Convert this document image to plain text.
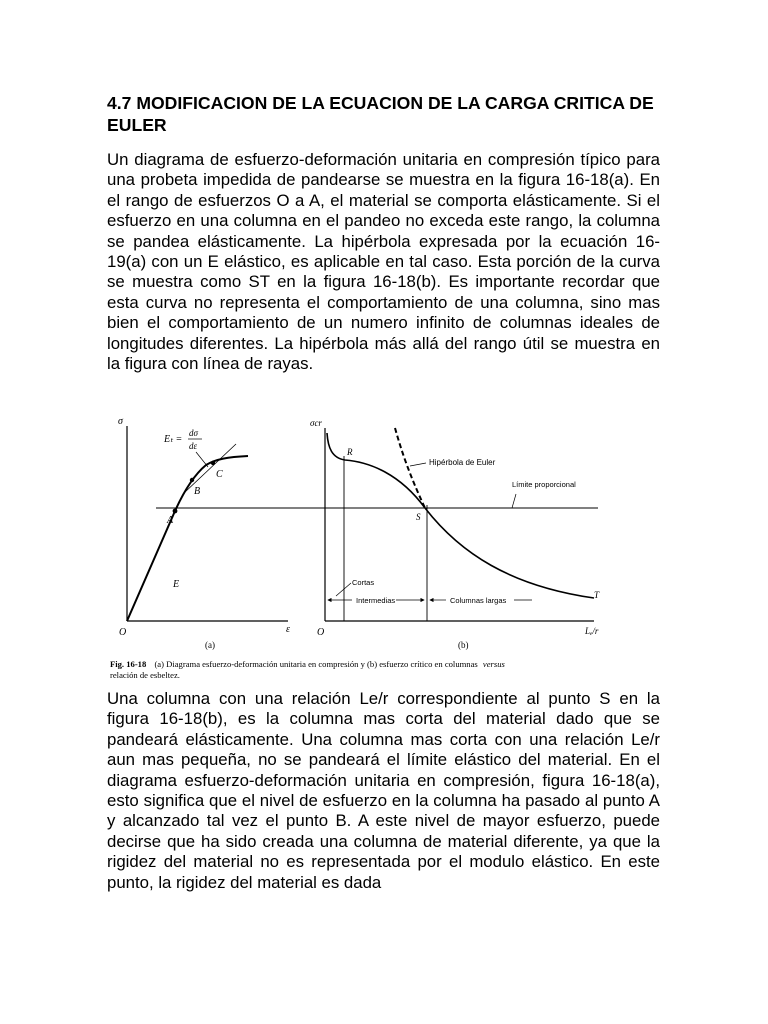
4.7 MODIFICACION DE LA ECUACION DE LA CARGA CRITICA DE EULER

Un diagrama de esfuerzo-deformación unitaria en compresión típico para una probeta impedida de pandearse se muestra en la figura 16-18(a). En el rango de esfuerzos O a A, el material se comporta elásticamente. Si el esfuerzo en una columna en el pandeo no exceda este rango, la columna se pandea elásticamente. La hipérbola expresada por la ecuación 16-19(a) con un E elástico, es aplicable en tal caso. Esta porción de la curva se muestra como ST en la figura 16-18(b). Es importante recordar que esta curva no representa el comportamiento de una columna, sino mas bien el comportamiento de un numero infinito de columnas ideales de longitudes diferentes. La hipérbola más allá del rango útil se muestra en la figura con línea de rayas.

σ
ε
O
A
B
C
E
Eₜ =
dσ
dε
(a)
σcr
Lₑ/r
O
R
S
T
Hipérbola de Euler
Límite proporcional
Cortas
Intermedias	Columnas largas
(b)
Fig. 16-18 (a) Diagrama esfuerzo-deformación unitaria en compresión y (b) esfuerzo crítico en columnas versus
relación de esbeltez.

Una columna con una relación Le/r correspondiente al punto S en la figura 16-18(b), es la columna mas corta del material dado que se pandeará elásticamente. Una columna mas corta con una relación Le/r aun mas pequeña, no se pandeará el límite elástico del material. En el diagrama esfuerzo-deformación unitaria en compresión, figura 16-18(a), esto significa que el nivel de esfuerzo en la columna ha pasado al punto A y alcanzado tal vez el punto B. A este nivel de mayor esfuerzo, puede decirse que ha sido creada una columna de material diferente, ya que la rigidez del material no es representada por el modulo elástico. En este punto, la rigidez del material es dada
